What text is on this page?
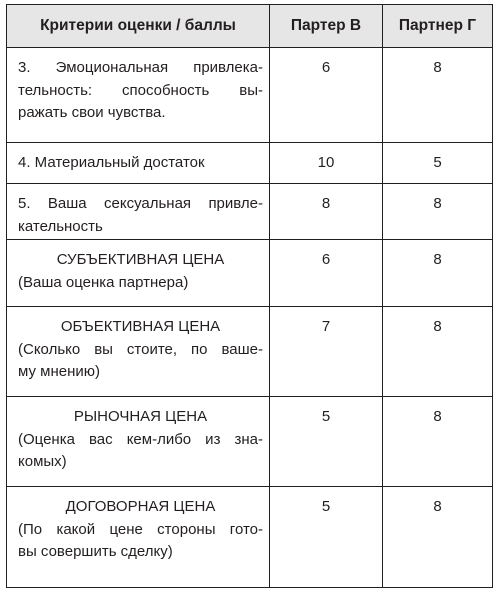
Критерии оценки / баллы	Партер В	Партнер Г

3. Эмоциональная привлека-
тельность: способность вы-
ражать свои чувства.	6	8

4. Материальный достаток	10	5

5. Ваша сексуальная привле-
кательность	8	8

СУБЪЕКТИВНАЯ ЦЕНА
(Ваша оценка партнера)	6	8

ОБЪЕКТИВНАЯ ЦЕНА
(Сколько вы стоите, по ваше-
му мнению)	7	8

РЫНОЧНАЯ ЦЕНА
(Оценка вас кем-либо из зна-
комых)	5	8

ДОГОВОРНАЯ ЦЕНА
(По какой цене стороны гото-
вы совершить сделку)	5	8
